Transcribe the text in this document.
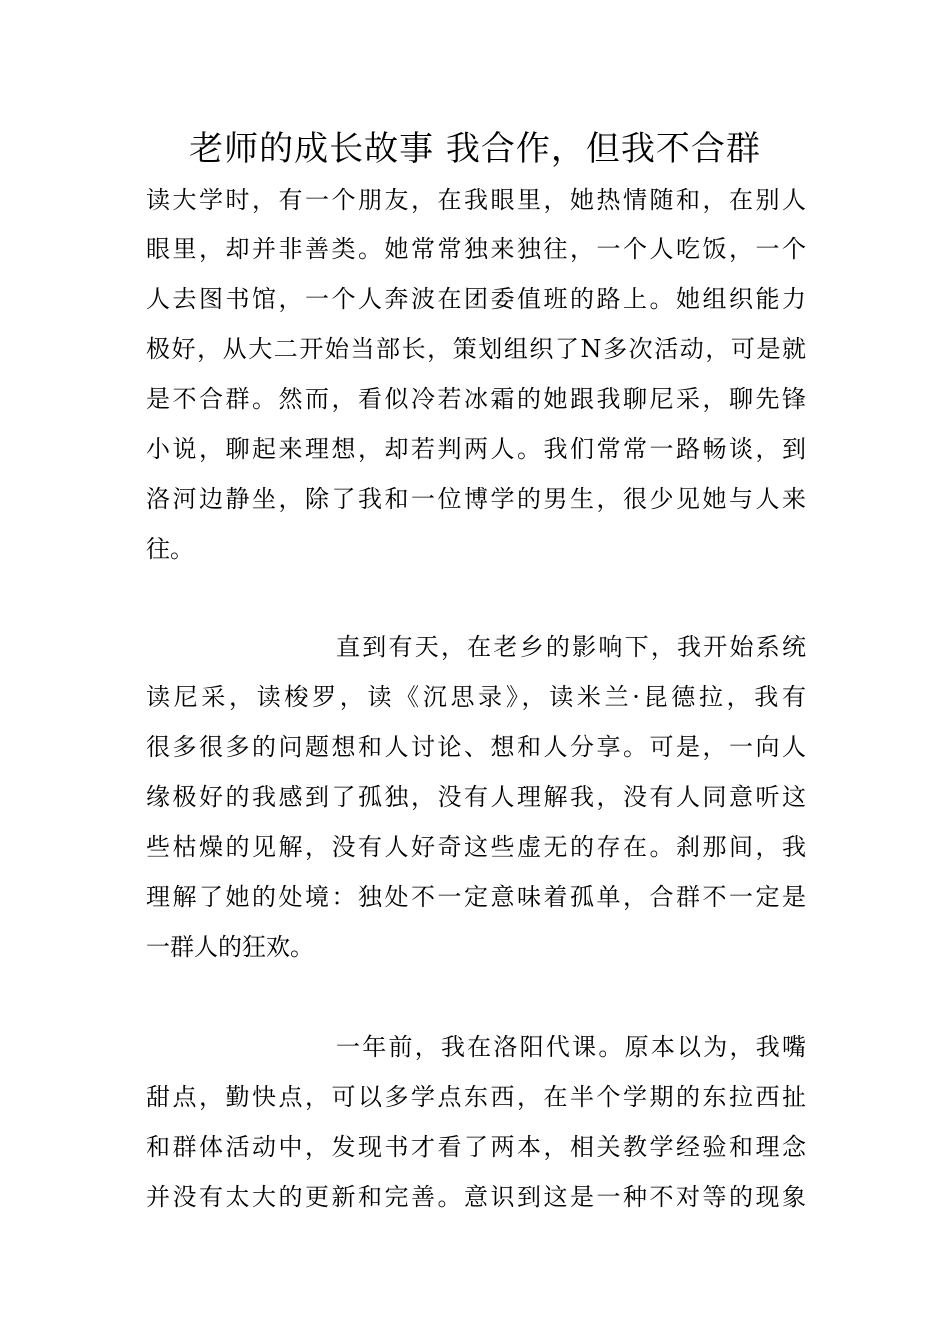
老师的成长故事 我合作，但我不合群
读大学时，有一个朋友，在我眼里，她热情随和，在别人
眼里，却并非善类。她常常独来独往，一个人吃饭，一个
人去图书馆，一个人奔波在团委值班的路上。她组织能力
极好，从大二开始当部长，策划组织了N多次活动，可是就
是不合群。然而，看似冷若冰霜的她跟我聊尼采，聊先锋
小说，聊起来理想，却若判两人。我们常常一路畅谈，到
洛河边静坐，除了我和一位博学的男生，很少见她与人来
往。
直到有天，在老乡的影响下，我开始系统
读尼采，读梭罗，读《沉思录》，读米兰·昆德拉，我有
很多很多的问题想和人讨论、想和人分享。可是，一向人
缘极好的我感到了孤独，没有人理解我，没有人同意听这
些枯燥的见解，没有人好奇这些虚无的存在。刹那间，我
理解了她的处境：独处不一定意味着孤单，合群不一定是
一群人的狂欢。
一年前，我在洛阳代课。原本以为，我嘴
甜点，勤快点，可以多学点东西，在半个学期的东拉西扯
和群体活动中，发现书才看了两本，相关教学经验和理念
并没有太大的更新和完善。意识到这是一种不对等的现象
